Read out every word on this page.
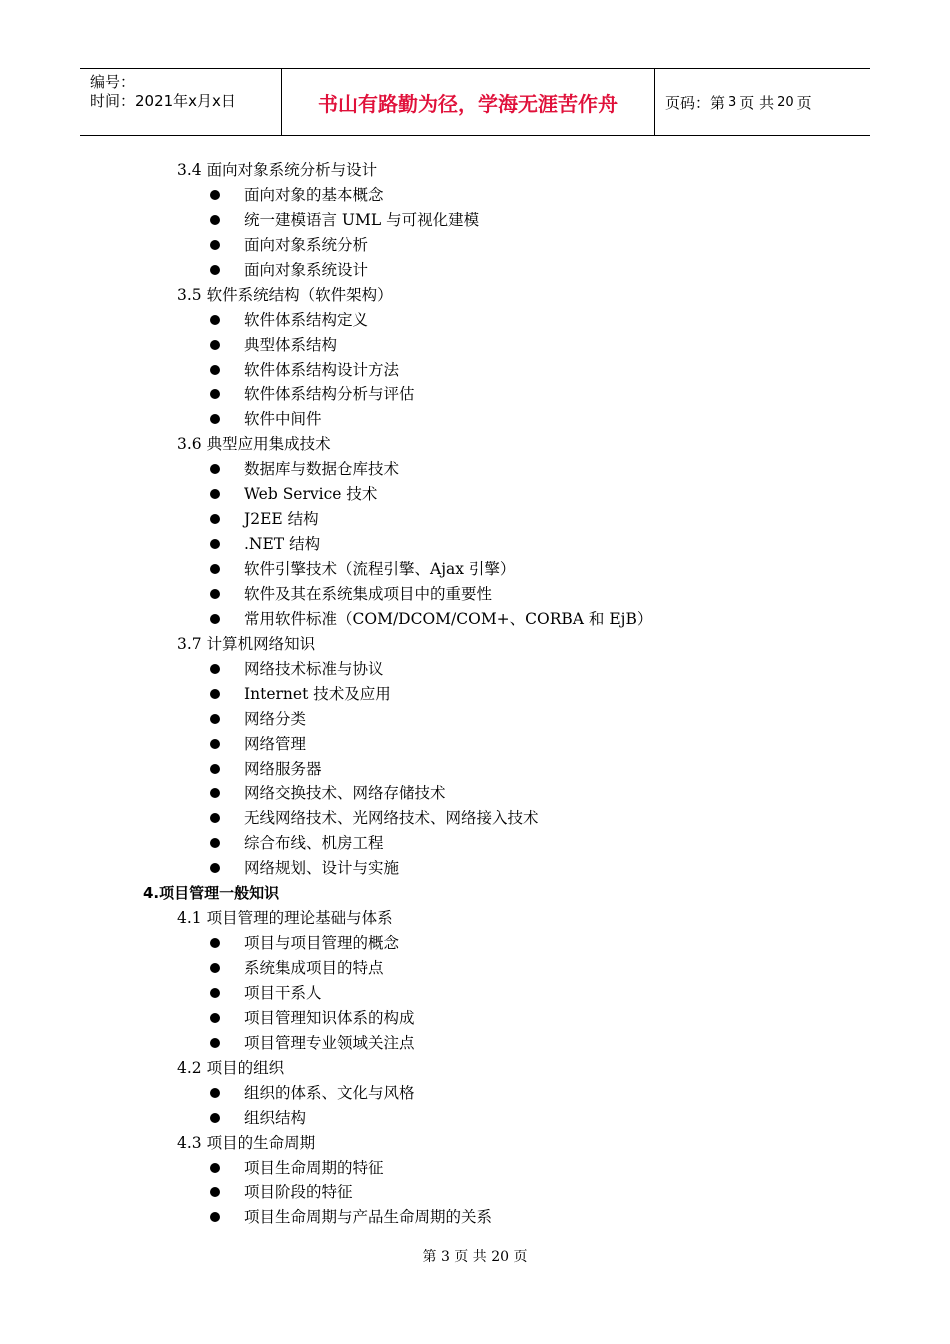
编号：
时间：2021年x月x日	书山有路勤为径，学海无涯苦作舟	页码：第 3 页 共 20 页
3.4 面向对象系统分析与设计
面向对象的基本概念
统一建模语言 UML 与可视化建模
面向对象系统分析
面向对象系统设计
3.5 软件系统结构（软件架构）
软件体系结构定义
典型体系结构
软件体系结构设计方法
软件体系结构分析与评估
软件中间件
3.6 典型应用集成技术
数据库与数据仓库技术
Web Service 技术
J2EE 结构
.NET 结构
软件引擎技术（流程引擎、Ajax 引擎）
软件及其在系统集成项目中的重要性
常用软件标准（COM/DCOM/COM+、CORBA 和 EjB）
3.7 计算机网络知识
网络技术标准与协议
Internet 技术及应用
网络分类
网络管理
网络服务器
网络交换技术、网络存储技术
无线网络技术、光网络技术、网络接入技术
综合布线、机房工程
网络规划、设计与实施
4.项目管理一般知识
4.1 项目管理的理论基础与体系
项目与项目管理的概念
系统集成项目的特点
项目干系人
项目管理知识体系的构成
项目管理专业领域关注点
4.2 项目的组织
组织的体系、文化与风格
组织结构
4.3 项目的生命周期
项目生命周期的特征
项目阶段的特征
项目生命周期与产品生命周期的关系
第 3 页 共 20 页
